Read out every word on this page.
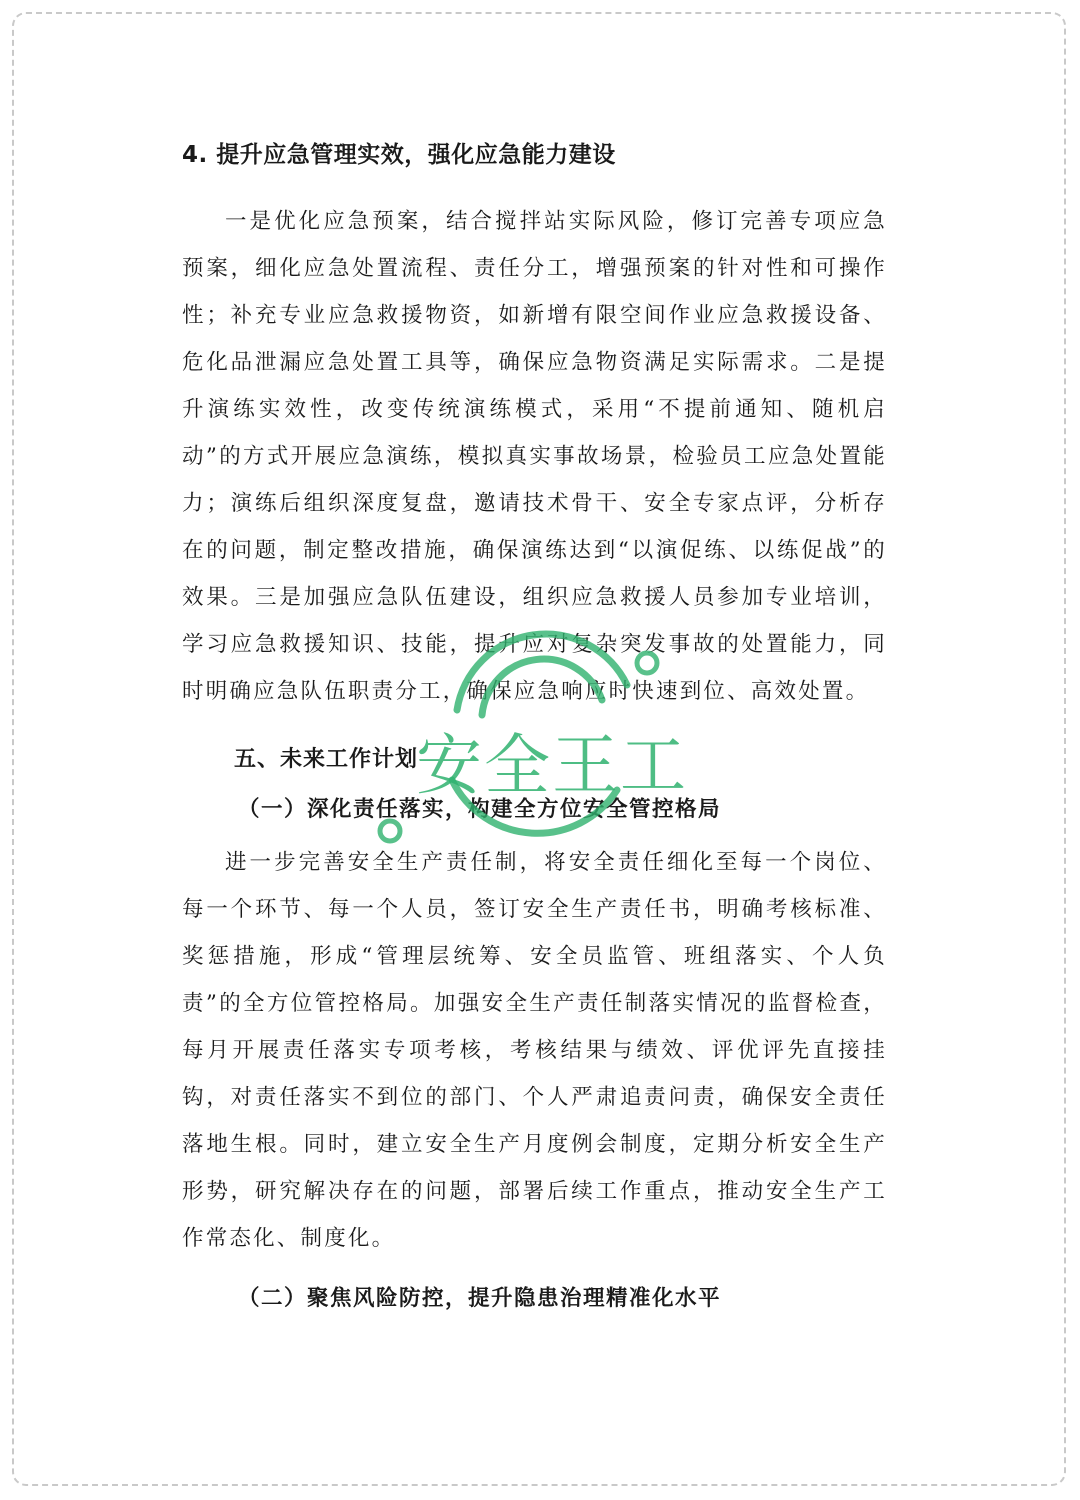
4. 提升应急管理实效，强化应急能力建设

一是优化应急预案，结合搅拌站实际风险，修订完善专项应急预案，细化应急处置流程、责任分工，增强预案的针对性和可操作性；补充专业应急救援物资，如新增有限空间作业应急救援设备、危化品泄漏应急处置工具等，确保应急物资满足实际需求。二是提升演练实效性，改变传统演练模式，采用“不提前通知、随机启动”的方式开展应急演练，模拟真实事故场景，检验员工应急处置能力；演练后组织深度复盘，邀请技术骨干、安全专家点评，分析存在的问题，制定整改措施，确保演练达到“以演促练、以练促战”的效果。三是加强应急队伍建设，组织应急救援人员参加专业培训，学习应急救援知识、技能，提升应对复杂突发事故的处置能力，同时明确应急队伍职责分工，确保应急响应时快速到位、高效处置。

五、未来工作计划
（一）深化责任落实，构建全方位安全管控格局

进一步完善安全生产责任制，将安全责任细化至每一个岗位、每一个环节、每一个人员，签订安全生产责任书，明确考核标准、奖惩措施，形成“管理层统筹、安全员监管、班组落实、个人负责”的全方位管控格局。加强安全生产责任制落实情况的监督检查，每月开展责任落实专项考核，考核结果与绩效、评优评先直接挂钩，对责任落实不到位的部门、个人严肃追责问责，确保安全责任落地生根。同时，建立安全生产月度例会制度，定期分析安全生产形势，研究解决存在的问题，部署后续工作重点，推动安全生产工作常态化、制度化。

（二）聚焦风险防控，提升隐患治理精准化水平
安全王工
